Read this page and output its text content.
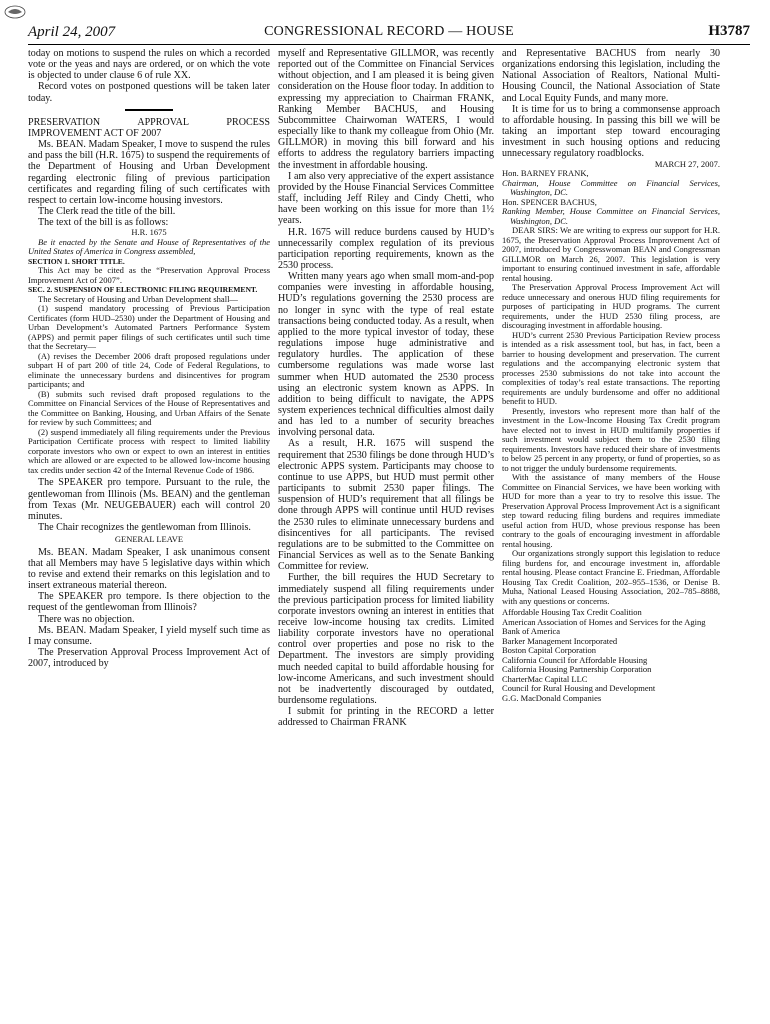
April 24, 2007	CONGRESSIONAL RECORD — HOUSE	H3787

today on motions to suspend the rules on which a recorded vote or the yeas and nays are ordered, or on which the vote is objected to under clause 6 of rule XX.

Record votes on postponed questions will be taken later today.

PRESERVATION APPROVAL PROCESS IMPROVEMENT ACT OF 2007

Ms. BEAN. Madam Speaker, I move to suspend the rules and pass the bill (H.R. 1675) to suspend the requirements of the Department of Housing and Urban Development regarding electronic filing of previous participation certificates and regarding filing of such certificates with respect to certain low-income housing investors.

The Clerk read the title of the bill.

The text of the bill is as follows:

H.R. 1675

Be it enacted by the Senate and House of Representatives of the United States of America in Congress assembled,

SECTION 1. SHORT TITLE.

This Act may be cited as the “Preservation Approval Process Improvement Act of 2007”.

SEC. 2. SUSPENSION OF ELECTRONIC FILING REQUIREMENT.

The Secretary of Housing and Urban Development shall—

(1) suspend mandatory processing of Previous Participation Certificates (form HUD–2530) under the Department of Housing and Urban Development’s Automated Partners Performance System (APPS) and permit paper filings of such certificates until such time that the Secretary—

(A) revises the December 2006 draft proposed regulations under subpart H of part 200 of title 24, Code of Federal Regulations, to eliminate the unnecessary burdens and disincentives for program participants; and

(B) submits such revised draft proposed regulations to the Committee on Financial Services of the House of Representatives and the Committee on Banking, Housing, and Urban Affairs of the Senate for review by such Committees; and

(2) suspend immediately all filing requirements under the Previous Participation Certificate process with respect to limited liability corporate investors who own or expect to own an interest in entities which are allowed or are expected to be allowed low-income housing tax credits under section 42 of the Internal Revenue Code of 1986.

The SPEAKER pro tempore. Pursuant to the rule, the gentlewoman from Illinois (Ms. BEAN) and the gentleman from Texas (Mr. NEUGEBAUER) each will control 20 minutes.

The Chair recognizes the gentlewoman from Illinois.

GENERAL LEAVE

Ms. BEAN. Madam Speaker, I ask unanimous consent that all Members may have 5 legislative days within which to revise and extend their remarks on this legislation and to insert extraneous material thereon.

The SPEAKER pro tempore. Is there objection to the request of the gentlewoman from Illinois?

There was no objection.

Ms. BEAN. Madam Speaker, I yield myself such time as I may consume.

The Preservation Approval Process Improvement Act of 2007, introduced by

myself and Representative GILLMOR, was recently reported out of the Committee on Financial Services without objection, and I am pleased it is being given consideration on the House floor today. In addition to expressing my appreciation to Chairman FRANK, Ranking Member BACHUS, and Housing Subcommittee Chairwoman WATERS, I would especially like to thank my colleague from Ohio (Mr. GILLMOR) in moving this bill forward and his efforts to address the regulatory barriers impacting the investment in affordable housing.

I am also very appreciative of the expert assistance provided by the House Financial Services Committee staff, including Jeff Riley and Cindy Chetti, who have been working on this issue for more than 1½ years.

H.R. 1675 will reduce burdens caused by HUD’s unnecessarily complex regulation of its previous participation reporting requirements, known as the 2530 process.

Written many years ago when small mom-and-pop companies were investing in affordable housing, HUD’s regulations governing the 2530 process are no longer in sync with the type of real estate transactions being conducted today. As a result, when applied to the more typical investor of today, these regulations impose huge administrative and regulatory hurdles. The application of these cumbersome regulations was made worse last summer when HUD automated the 2530 process using an electronic system known as APPS. In addition to being difficult to navigate, the APPS system experiences technical difficulties almost daily and has led to a number of security breaches involving personal data.

As a result, H.R. 1675 will suspend the requirement that 2530 filings be done through HUD’s electronic APPS system. Participants may choose to continue to use APPS, but HUD must permit other participants to submit 2530 paper filings. The suspension of HUD’s requirement that all filings be done through APPS will continue until HUD revises the 2530 rules to eliminate unnecessary burdens and disincentives for all participants. The revised regulations are to be submitted to the Committee on Financial Services as well as to the Senate Banking Committee for review.

Further, the bill requires the HUD Secretary to immediately suspend all filing requirements under the previous participation process for limited liability corporate investors owning an interest in entities that receive low-income housing tax credits. Limited liability corporate investors have no operational control over properties and pose no risk to the Department. The investors are simply providing much needed capital to build affordable housing for low-income Americans, and such investment should not be inadvertently discouraged by outdated, burdensome regulations.

I submit for printing in the RECORD a letter addressed to Chairman FRANK

and Representative BACHUS from nearly 30 organizations endorsing this legislation, including the National Association of Realtors, National Multi-Housing Council, the National Association of State and Local Equity Funds, and many more.

It is time for us to bring a commonsense approach to affordable housing. In passing this bill we will be taking an important step toward encouraging investment in such housing options and reducing unnecessary regulatory roadblocks.

MARCH 27, 2007.

Hon. BARNEY FRANK,

Chairman, House Committee on Financial Services, Washington, DC.

Hon. SPENCER BACHUS,

Ranking Member, House Committee on Financial Services, Washington, DC.

DEAR SIRS: We are writing to express our support for H.R. 1675, the Preservation Approval Process Improvement Act of 2007, introduced by Congresswoman BEAN and Congressman GILLMOR on March 26, 2007. This legislation is very important to ensuring continued investment in safe, affordable rental housing.

The Preservation Approval Process Improvement Act will reduce unnecessary and onerous HUD filing requirements for purposes of participating in HUD programs. The current requirements, under the HUD 2530 filing process, are discouraging investment in affordable housing.

HUD’s current 2530 Previous Participation Review process is intended as a risk assessment tool, but has, in fact, been a barrier to housing development and preservation. The current regulations and the accompanying electronic system that processes 2530 submissions do not take into account the complexities of today’s real estate transactions. The reporting requirements are unduly burdensome and offer no additional benefit to HUD.

Presently, investors who represent more than half of the investment in the Low-Income Housing Tax Credit program have elected not to invest in HUD multifamily properties if such investment would subject them to the 2530 filing requirements. Investors have reduced their share of investments to below 25 percent in any property, or fund of properties, so as to not trigger the unduly burdensome requirements.

With the assistance of many members of the House Committee on Financial Services, we have been working with HUD for more than a year to try to resolve this issue. The Preservation Approval Process Improvement Act is a significant step toward reducing filing burdens and requires immediate useful action from HUD, whose previous response has been contrary to the goals of encouraging investment in affordable rental housing.

Our organizations strongly support this legislation to reduce filing burdens for, and encourage investment in, affordable rental housing. Please contact Francine E. Friedman, Affordable Housing Tax Credit Coalition, 202–955–1536, or Denise B. Muha, National Leased Housing Association, 202–785–8888, with any questions or concerns.

Affordable Housing Tax Credit Coalition
American Association of Homes and Services for the Aging
Bank of America
Barker Management Incorporated
Boston Capital Corporation
California Council for Affordable Housing
California Housing Partnership Corporation
CharterMac Capital LLC
Council for Rural Housing and Development
G.G. MacDonald Companies
